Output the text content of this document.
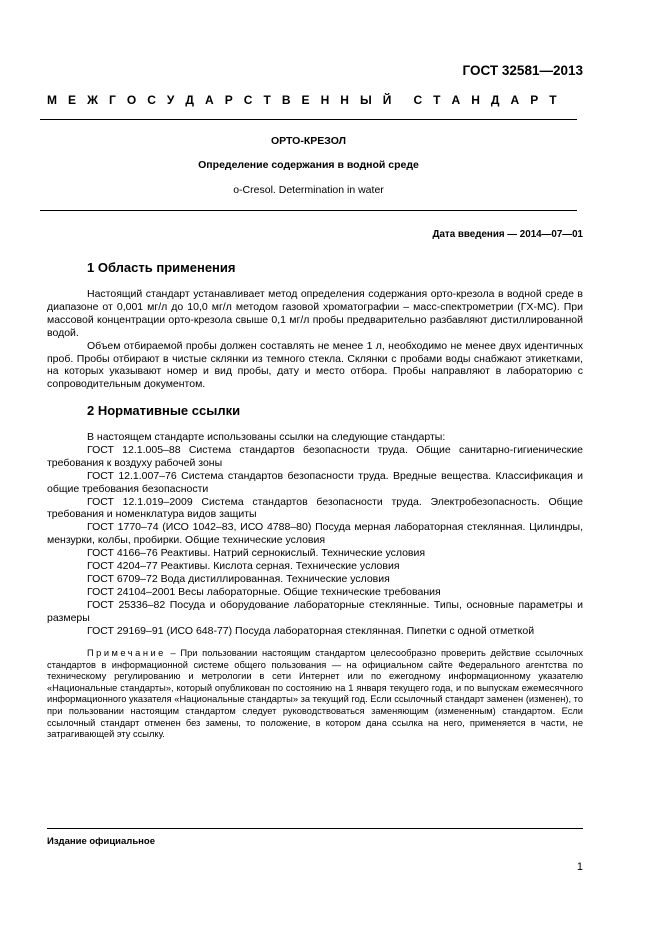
ГОСТ 32581—2013
М Е Ж Г О С У Д А Р С Т В Е Н Н Ы Й С Т А Н Д А Р Т
ОРТО-КРЕЗОЛ
Определение содержания в водной среде
o-Cresol. Determination in water
Дата введения — 2014—07—01
1 Область применения

Настоящий стандарт устанавливает метод определения содержания орто-крезола в водной среде в диапазоне от 0,001 мг/л до 10,0 мг/л методом газовой хроматографии – масс-спектрометрии (ГХ-МС). При массовой концентрации орто-крезола свыше 0,1 мг/л пробы предварительно разбавляют дистиллированной водой.

Объем отбираемой пробы должен составлять не менее 1 л, необходимо не менее двух идентичных проб. Пробы отбирают в чистые склянки из темного стекла. Склянки с пробами воды снабжают этикетками, на которых указывают номер и вид пробы, дату и место отбора. Пробы направляют в лабораторию с сопроводительным документом.

2 Нормативные ссылки

В настоящем стандарте использованы ссылки на следующие стандарты:

ГОСТ 12.1.005–88 Система стандартов безопасности труда. Общие санитарно-гигиенические требования к воздуху рабочей зоны

ГОСТ 12.1.007–76 Система стандартов безопасности труда. Вредные вещества. Классификация и общие требования безопасности

ГОСТ 12.1.019–2009 Система стандартов безопасности труда. Электробезопасность. Общие требования и номенклатура видов защиты

ГОСТ 1770–74 (ИСО 1042–83, ИСО 4788–80) Посуда мерная лабораторная стеклянная. Цилиндры, мензурки, колбы, пробирки. Общие технические условия

ГОСТ 4166–76 Реактивы. Натрий сернокислый. Технические условия

ГОСТ 4204–77 Реактивы. Кислота серная. Технические условия

ГОСТ 6709–72 Вода дистиллированная. Технические условия

ГОСТ 24104–2001 Весы лабораторные. Общие технические требования

ГОСТ 25336–82 Посуда и оборудование лабораторные стеклянные. Типы, основные параметры и размеры

ГОСТ 29169–91 (ИСО 648-77) Посуда лабораторная стеклянная. Пипетки с одной отметкой

Примечание – При пользовании настоящим стандартом целесообразно проверить действие ссылочных стандартов в информационной системе общего пользования — на официальном сайте Федерального агентства по техническому регулированию и метрологии в сети Интернет или по ежегодному информационному указателю «Национальные стандарты», который опубликован по состоянию на 1 января текущего года, и по выпускам ежемесячного информационного указателя «Национальные стандарты» за текущий год. Если ссылочный стандарт заменен (изменен), то при пользовании настоящим стандартом следует руководствоваться заменяющим (измененным) стандартом. Если ссылочный стандарт отменен без замены, то положение, в котором дана ссылка на него, применяется в части, не затрагивающей эту ссылку.

Издание официальное
1
